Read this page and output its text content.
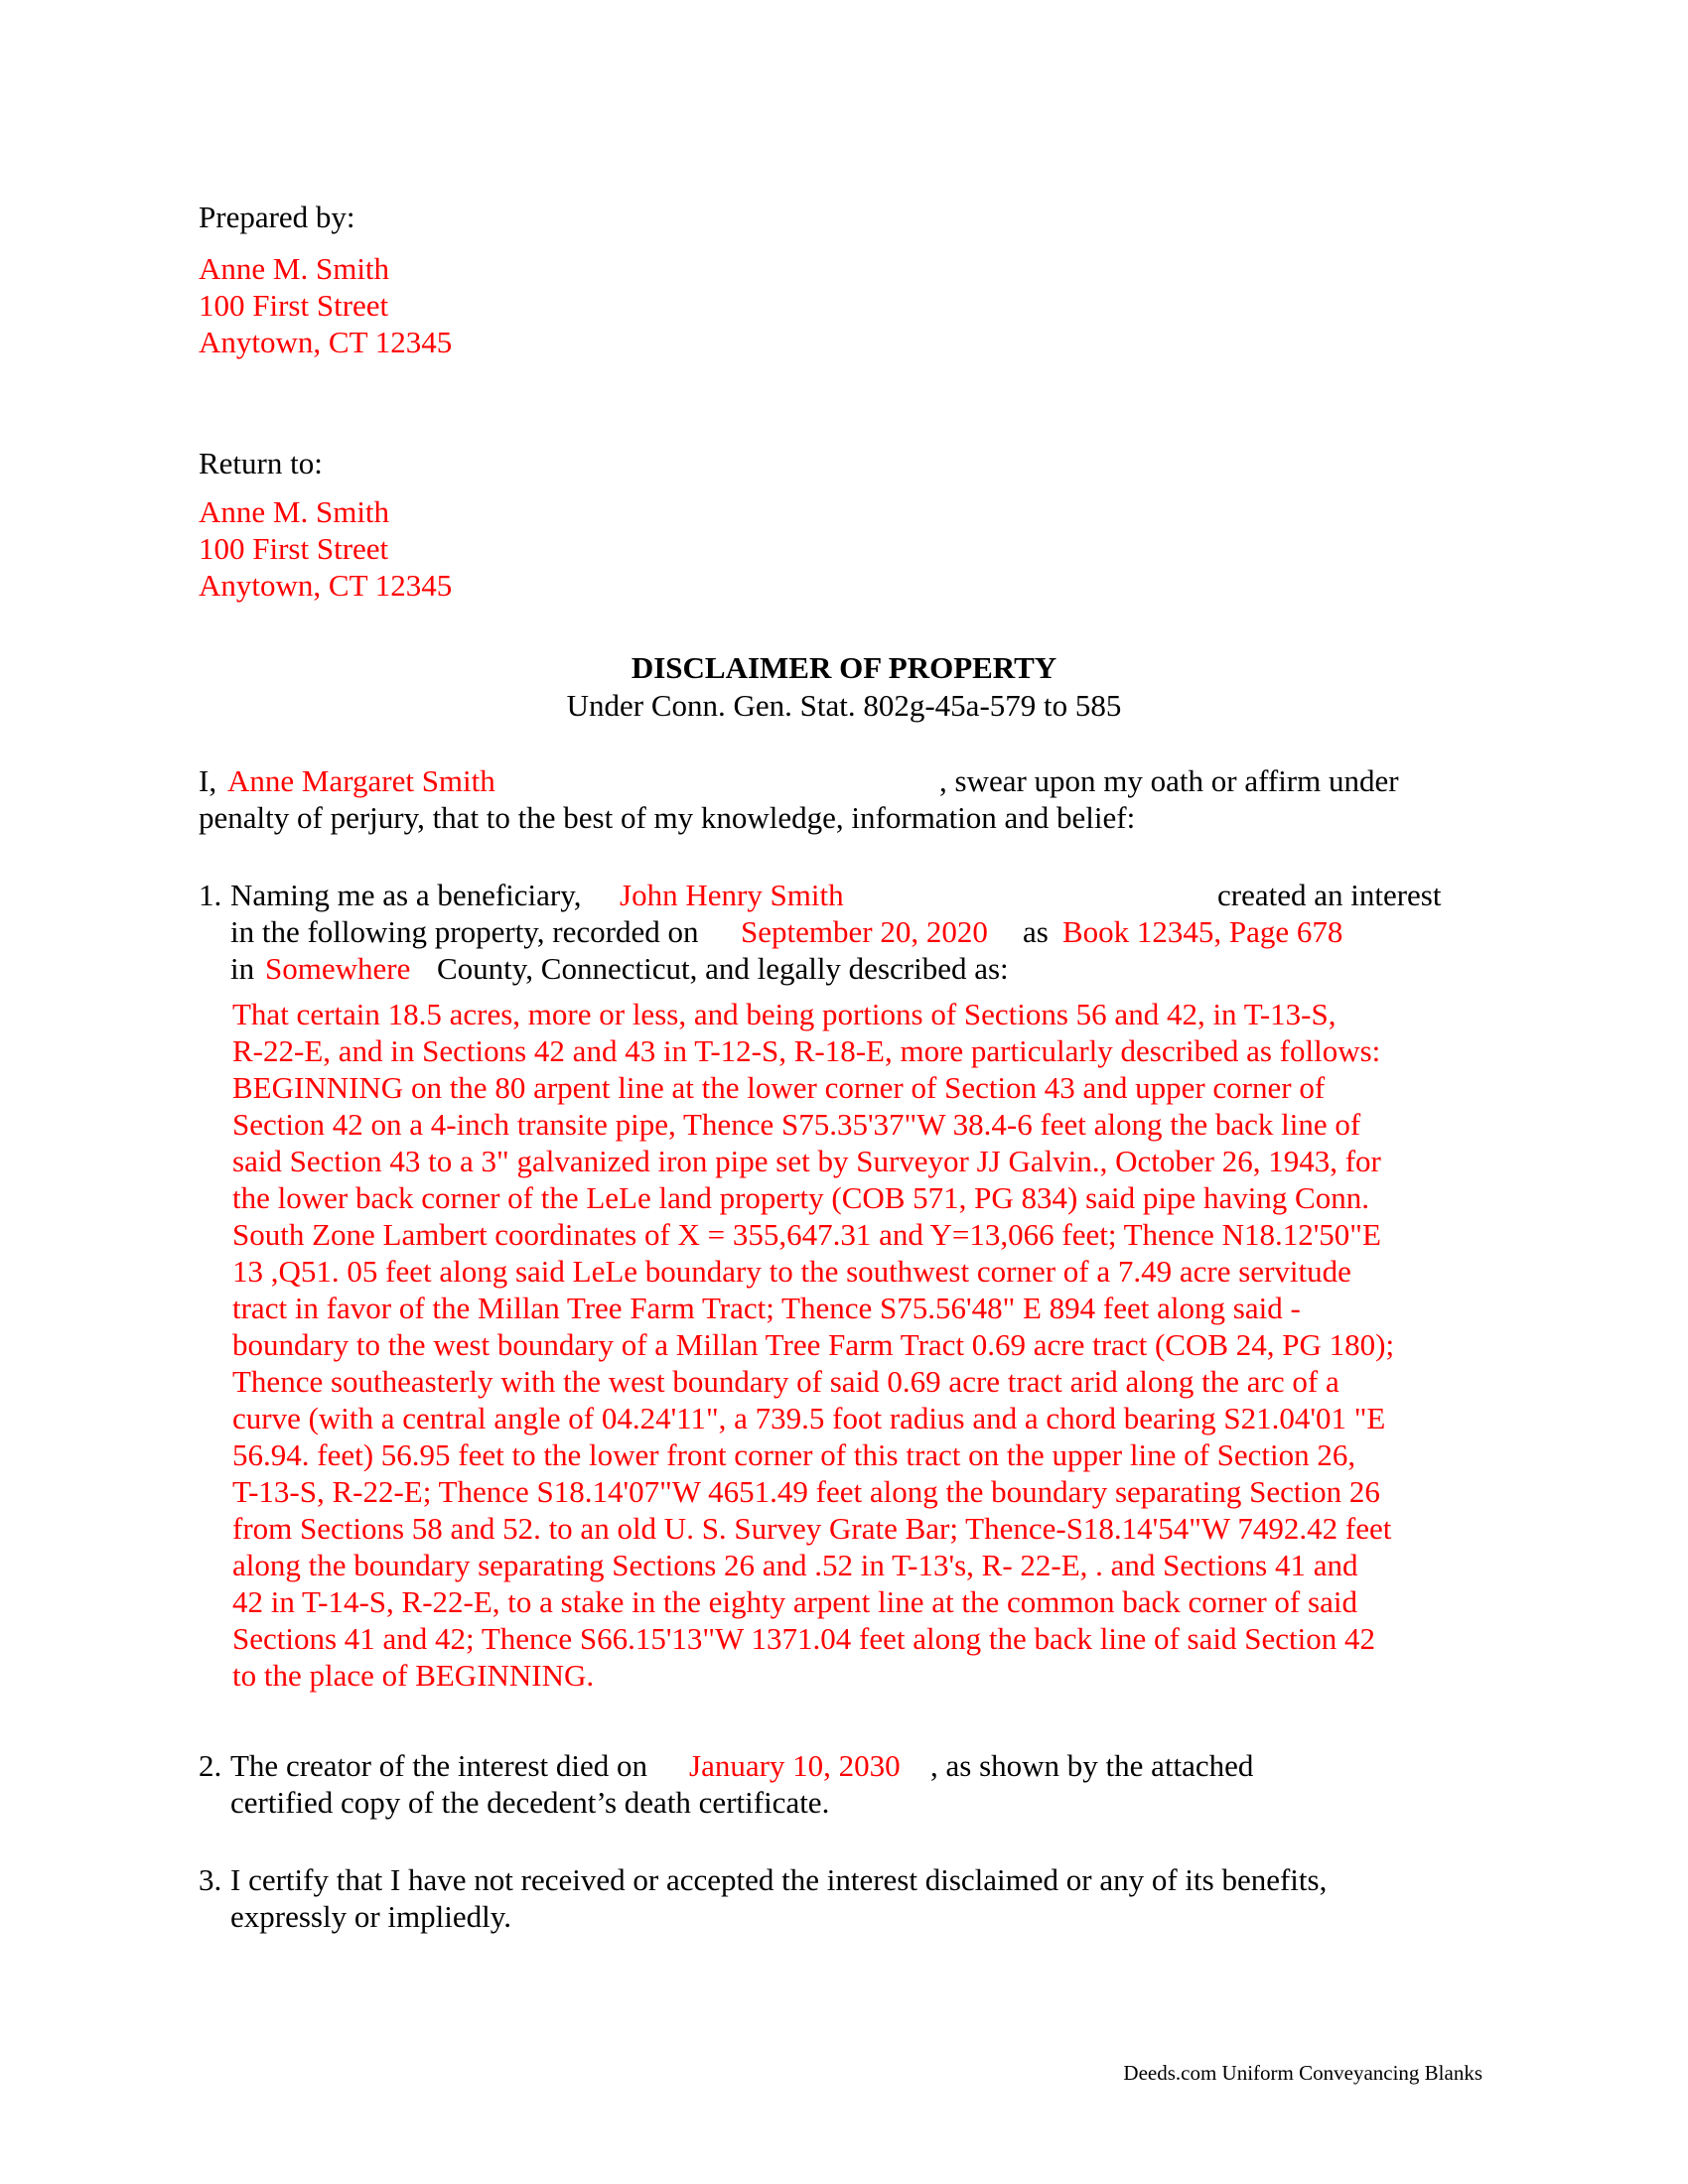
Prepared by:
Anne M. Smith
100 First Street
Anytown, CT 12345
Return to:
Anne M. Smith
100 First Street
Anytown, CT 12345
DISCLAIMER OF PROPERTY
Under Conn. Gen. Stat. 802g-45a-579 to 585
I, Anne Margaret Smith	, swear upon my oath or affirm under
penalty of perjury, that to the best of my knowledge, information and belief:
1. Naming me as a beneficiary, John Henry Smith	created an interest
in the following property, recorded on September 20, 2020 as Book 12345, Page 678
in Somewhere County, Connecticut, and legally described as:
That certain 18.5 acres, more or less, and being portions of Sections 56 and 42, in T-13-S,
R-22-E, and in Sections 42 and 43 in T-12-S, R-18-E, more particularly described as follows:
BEGINNING on the 80 arpent line at the lower corner of Section 43 and upper corner of
Section 42 on a 4-inch transite pipe, Thence S75.35'37"W 38.4-6 feet along the back line of
said Section 43 to a 3" galvanized iron pipe set by Surveyor JJ Galvin., October 26, 1943, for
the lower back corner of the LeLe land property (COB 571, PG 834) said pipe having Conn.
South Zone Lambert coordinates of X = 355,647.31 and Y=13,066 feet; Thence N18.12'50"E
13 ,Q51. 05 feet along said LeLe boundary to the southwest corner of a 7.49 acre servitude
tract in favor of the Millan Tree Farm Tract; Thence S75.56'48" E 894 feet along said -
boundary to the west boundary of a Millan Tree Farm Tract 0.69 acre tract (COB 24, PG 180);
Thence southeasterly with the west boundary of said 0.69 acre tract arid along the arc of a
curve (with a central angle of 04.24'11", a 739.5 foot radius and a chord bearing S21.04'01 "E
56.94. feet) 56.95 feet to the lower front corner of this tract on the upper line of Section 26,
T-13-S, R-22-E; Thence S18.14'07"W 4651.49 feet along the boundary separating Section 26
from Sections 58 and 52. to an old U. S. Survey Grate Bar; Thence-S18.14'54"W 7492.42 feet
along the boundary separating Sections 26 and .52 in T-13's, R- 22-E, . and Sections 41 and
42 in T-14-S, R-22-E, to a stake in the eighty arpent line at the common back corner of said
Sections 41 and 42; Thence S66.15'13"W 1371.04 feet along the back line of said Section 42
to the place of BEGINNING.
2. The creator of the interest died on January 10, 2030 , as shown by the attached
certified copy of the decedent’s death certificate.
3. I certify that I have not received or accepted the interest disclaimed or any of its benefits,
expressly or impliedly.
Deeds.com Uniform Conveyancing Blanks
